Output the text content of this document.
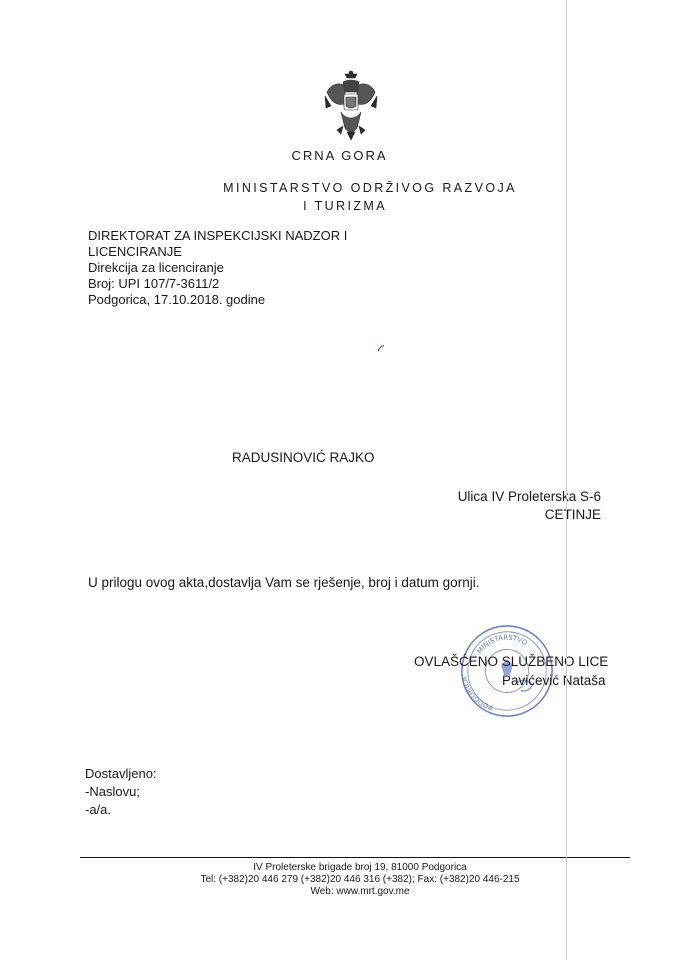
CRNA GORA
MINISTARSTVO ODRŽIVOG RAZVOJA
I TURIZMA
DIREKTORAT ZA INSPEKCIJSKI NADZOR I
LICENCIRANJE
Direkcija za licenciranje
Broj: UPI 107/7-3611/2
Podgorica, 17.10.2018. godine
RADUSINOVIĆ RAJKO
Ulica IV Proleterska S-6
CETINJE
U prilogu ovog akta,dostavlja Vam se rješenje, broj i datum gornji.
MINISTARSTVO
PODGORICA
OVLAŠĆENO SLUŽBENO LICE
Pavićević Nataša
Dostavljeno:
-Naslovu;
-a/a.
IV Proleterske brigade broj 19, 81000 Podgorica
Tel: (+382)20 446 279 (+382)20 446 316 (+382); Fax: (+382)20 446-215
Web: www.mrt.gov.me
